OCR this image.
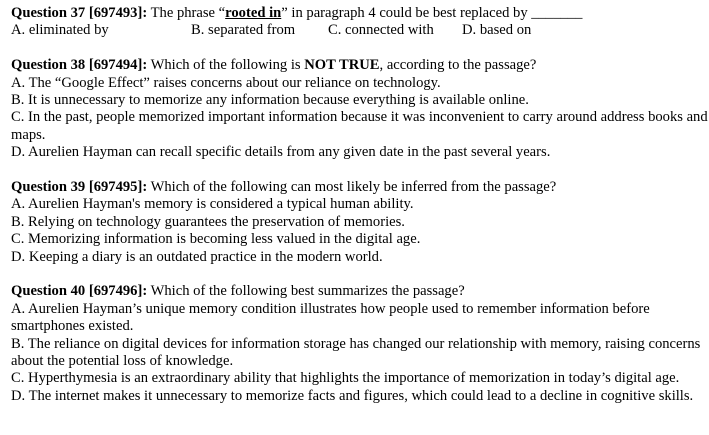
Question 37 [697493]: The phrase “rooted in” in paragraph 4 could be best replaced by _______
A. eliminated by	B. separated from C. connected with D. based on
Question 38 [697494]: Which of the following is NOT TRUE, according to the passage?
A. The “Google Effect” raises concerns about our reliance on technology.
B. It is unnecessary to memorize any information because everything is available online.
C. In the past, people memorized important information because it was inconvenient to carry around address books and maps.
D. Aurelien Hayman can recall specific details from any given date in the past several years.
Question 39 [697495]: Which of the following can most likely be inferred from the passage?
A. Aurelien Hayman's memory is considered a typical human ability.
B. Relying on technology guarantees the preservation of memories.
C. Memorizing information is becoming less valued in the digital age.
D. Keeping a diary is an outdated practice in the modern world.
Question 40 [697496]: Which of the following best summarizes the passage?
A. Aurelien Hayman’s unique memory condition illustrates how people used to remember information before smartphones existed.
B. The reliance on digital devices for information storage has changed our relationship with memory, raising concerns about the potential loss of knowledge.
C. Hyperthymesia is an extraordinary ability that highlights the importance of memorization in today’s digital age.
D. The internet makes it unnecessary to memorize facts and figures, which could lead to a decline in cognitive skills.
